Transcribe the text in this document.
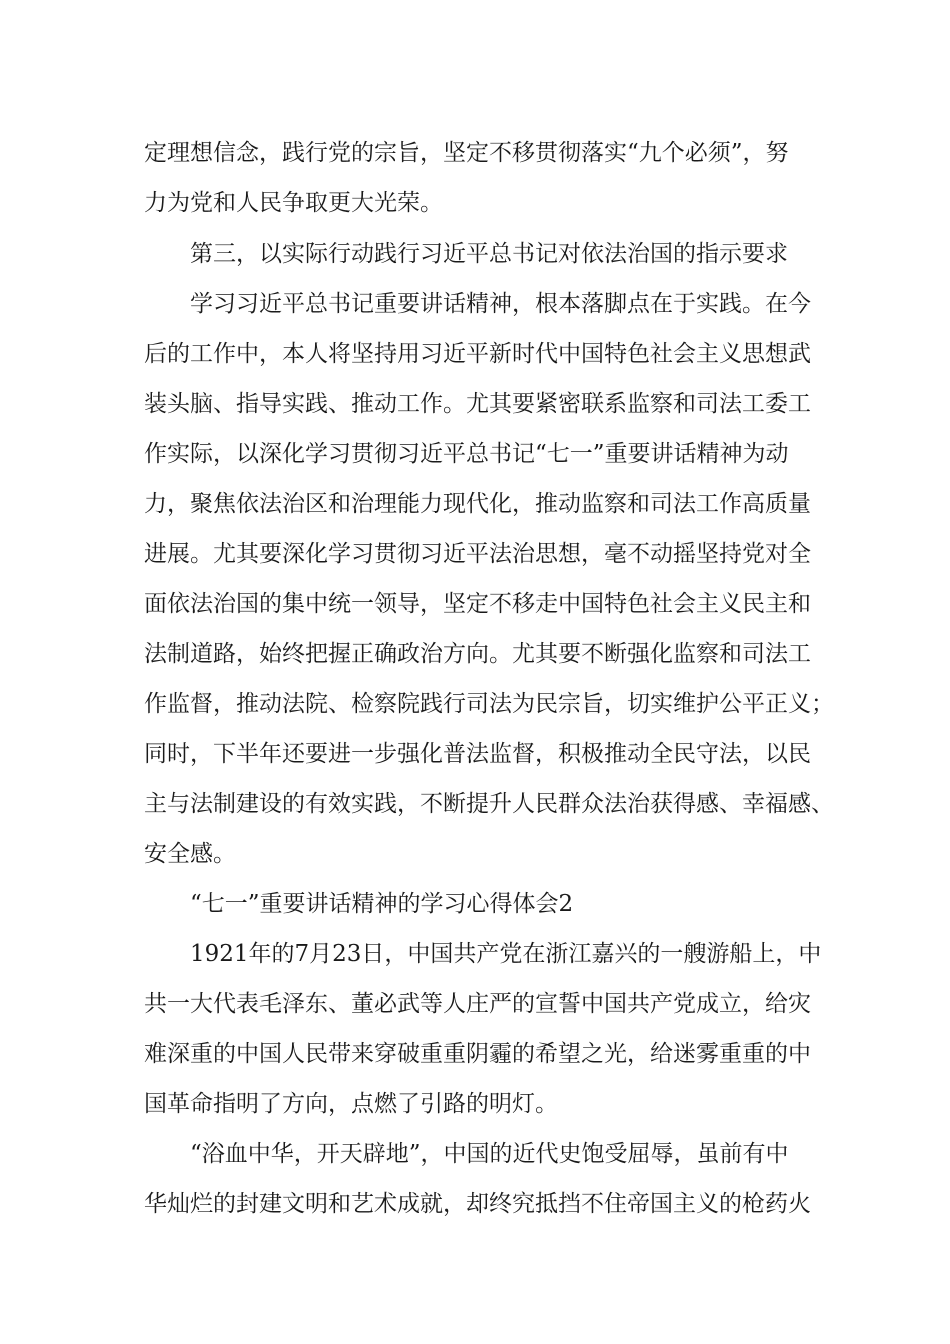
定理想信念，践行党的宗旨，坚定不移贯彻落实“九个必须”，努
力为党和人民争取更大光荣。
第三，以实际行动践行习近平总书记对依法治国的指示要求
学习习近平总书记重要讲话精神，根本落脚点在于实践。在今
后的工作中，本人将坚持用习近平新时代中国特色社会主义思想武
装头脑、指导实践、推动工作。尤其要紧密联系监察和司法工委工
作实际，以深化学习贯彻习近平总书记“七一”重要讲话精神为动
力，聚焦依法治区和治理能力现代化，推动监察和司法工作高质量
进展。尤其要深化学习贯彻习近平法治思想，毫不动摇坚持党对全
面依法治国的集中统一领导，坚定不移走中国特色社会主义民主和
法制道路，始终把握正确政治方向。尤其要不断强化监察和司法工
作监督，推动法院、检察院践行司法为民宗旨，切实维护公平正义；
同时，下半年还要进一步强化普法监督，积极推动全民守法，以民
主与法制建设的有效实践，不断提升人民群众法治获得感、幸福感、
安全感。
“七一”重要讲话精神的学习心得体会2
1921年的7月23日，中国共产党在浙江嘉兴的一艘游船上，中
共一大代表毛泽东、董必武等人庄严的宣誓中国共产党成立，给灾
难深重的中国人民带来穿破重重阴霾的希望之光，给迷雾重重的中
国革命指明了方向，点燃了引路的明灯。
“浴血中华，开天辟地”，中国的近代史饱受屈辱，虽前有中
华灿烂的封建文明和艺术成就，却终究抵挡不住帝国主义的枪药火
